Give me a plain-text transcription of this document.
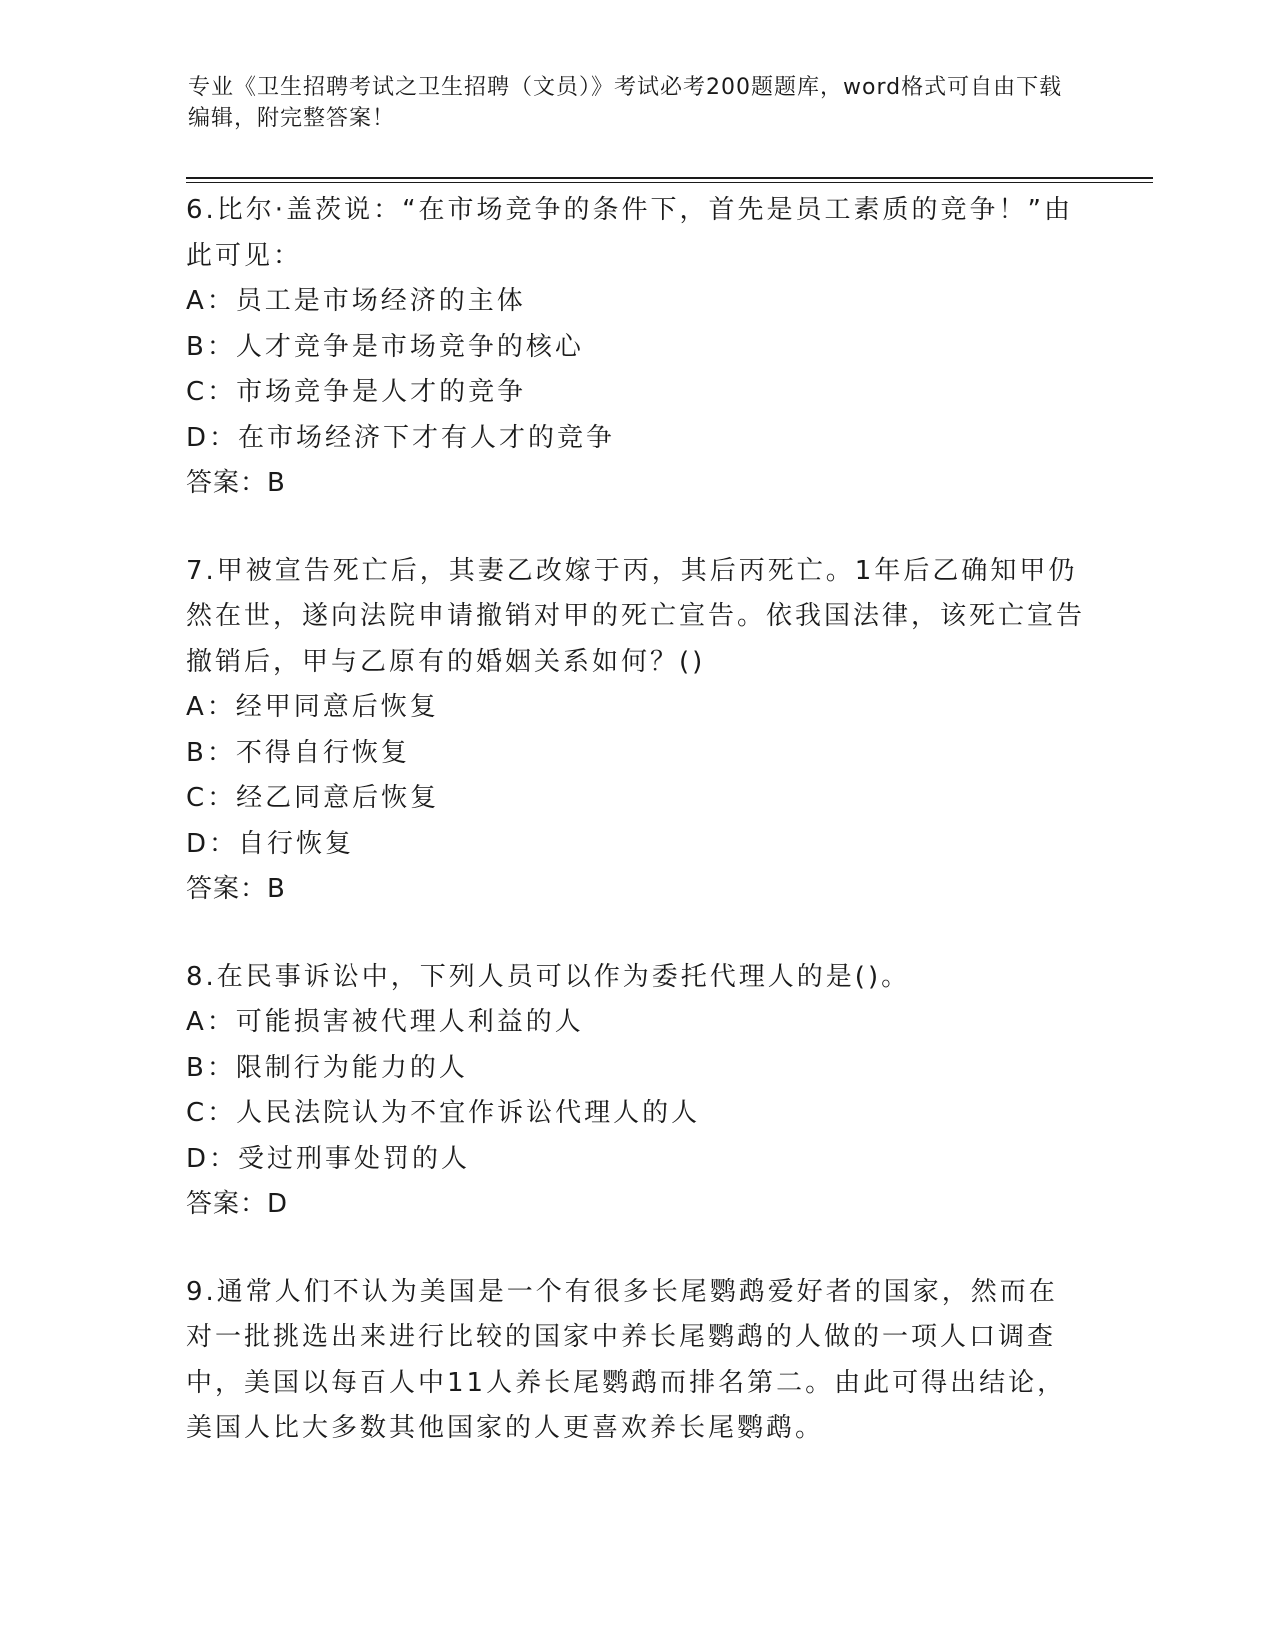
专业《卫生招聘考试之卫生招聘（文员）》考试必考200题题库，word格式可自由下载编辑，附完整答案！
6.比尔·盖茨说：“在市场竞争的条件下，首先是员工素质的竞争！”由此可见：
A：员工是市场经济的主体
B：人才竞争是市场竞争的核心
C：市场竞争是人才的竞争
D：在市场经济下才有人才的竞争
答案：B
7.甲被宣告死亡后，其妻乙改嫁于丙，其后丙死亡。1年后乙确知甲仍然在世，遂向法院申请撤销对甲的死亡宣告。依我国法律，该死亡宣告撤销后，甲与乙原有的婚姻关系如何？()
A：经甲同意后恢复
B：不得自行恢复
C：经乙同意后恢复
D：自行恢复
答案：B
8.在民事诉讼中，下列人员可以作为委托代理人的是()。
A：可能损害被代理人利益的人
B：限制行为能力的人
C：人民法院认为不宜作诉讼代理人的人
D：受过刑事处罚的人
答案：D
9.通常人们不认为美国是一个有很多长尾鹦鹉爱好者的国家，然而在对一批挑选出来进行比较的国家中养长尾鹦鹉的人做的一项人口调查中，美国以每百人中11人养长尾鹦鹉而排名第二。由此可得出结论，美国人比大多数其他国家的人更喜欢养长尾鹦鹉。
